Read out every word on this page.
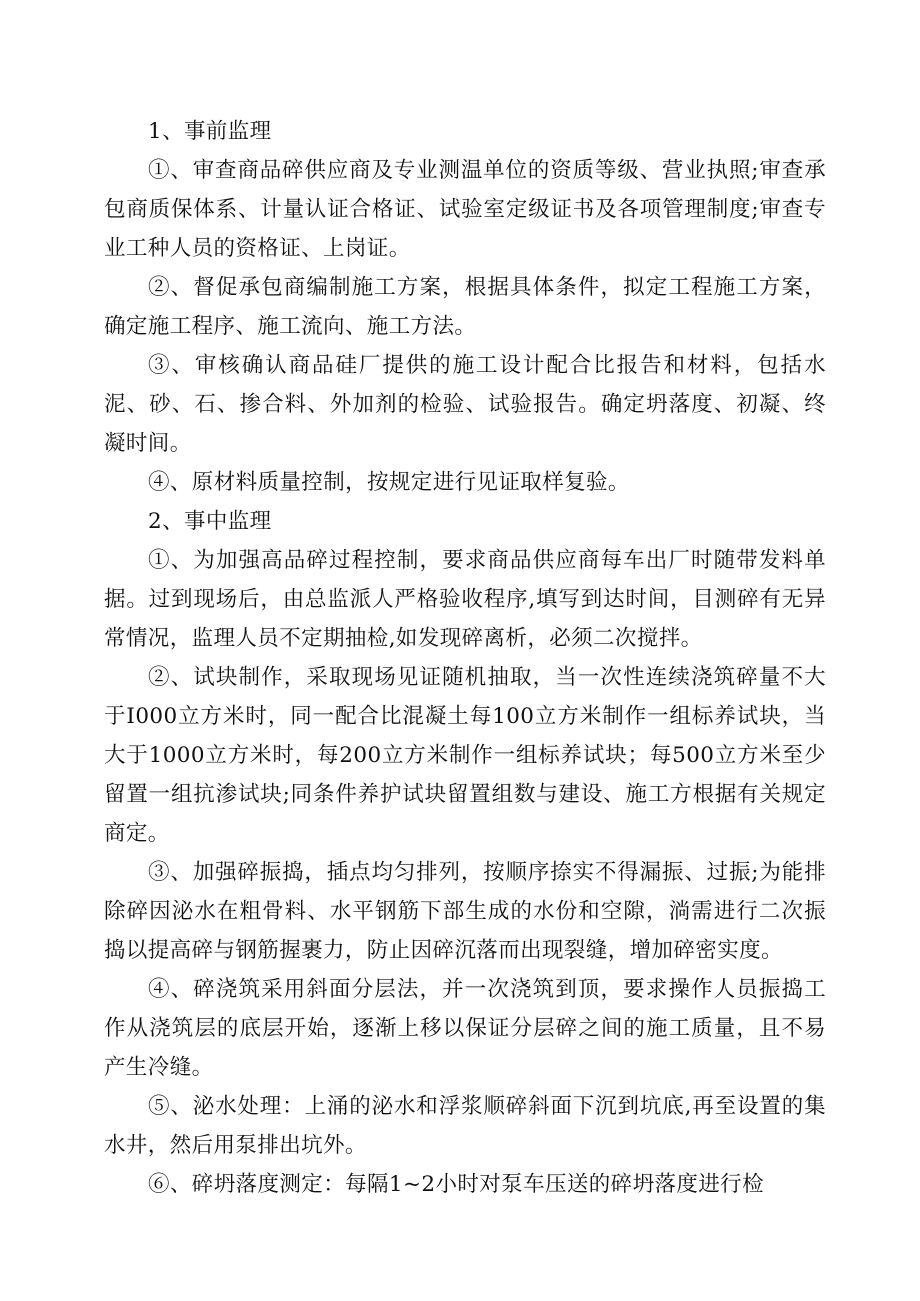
1、事前监理

①、审查商品碎供应商及专业测温单位的资质等级、营业执照;审查承包商质保体系、计量认证合格证、试验室定级证书及各项管理制度;审查专业工种人员的资格证、上岗证。

②、督促承包商编制施工方案，根据具体条件，拟定工程施工方案，确定施工程序、施工流向、施工方法。

③、审核确认商品硅厂提供的施工设计配合比报告和材料，包括水泥、砂、石、掺合料、外加剂的检验、试验报告。确定坍落度、初凝、终凝时间。

④、原材料质量控制，按规定进行见证取样复验。

2、事中监理

①、为加强高品碎过程控制，要求商品供应商每车出厂时随带发料单据。过到现场后，由总监派人严格验收程序,填写到达时间，目测碎有无异常情况，监理人员不定期抽检,如发现碎离析，必须二次搅拌。

②、试块制作，采取现场见证随机抽取，当一次性连续浇筑碎量不大于I000立方米时，同一配合比混凝土每100立方米制作一组标养试块，当大于1000立方米时，每200立方米制作一组标养试块；每500立方米至少留置一组抗渗试块;同条件养护试块留置组数与建设、施工方根据有关规定商定。

③、加强碎振捣，插点均匀排列，按顺序捺实不得漏振、过振;为能排除碎因泌水在粗骨料、水平钢筋下部生成的水份和空隙，淌需进行二次振捣以提高碎与钢筋握裹力，防止因碎沉落而出现裂缝，增加碎密实度。

④、碎浇筑采用斜面分层法，并一次浇筑到顶，要求操作人员振捣工作从浇筑层的底层开始，逐渐上移以保证分层碎之间的施工质量，且不易产生冷缝。

⑤、泌水处理：上涌的泌水和浮浆顺碎斜面下沉到坑底,再至设置的集水井，然后用泵排出坑外。

⑥、碎坍落度测定：每隔1~2小时对泵车压送的碎坍落度进行检
